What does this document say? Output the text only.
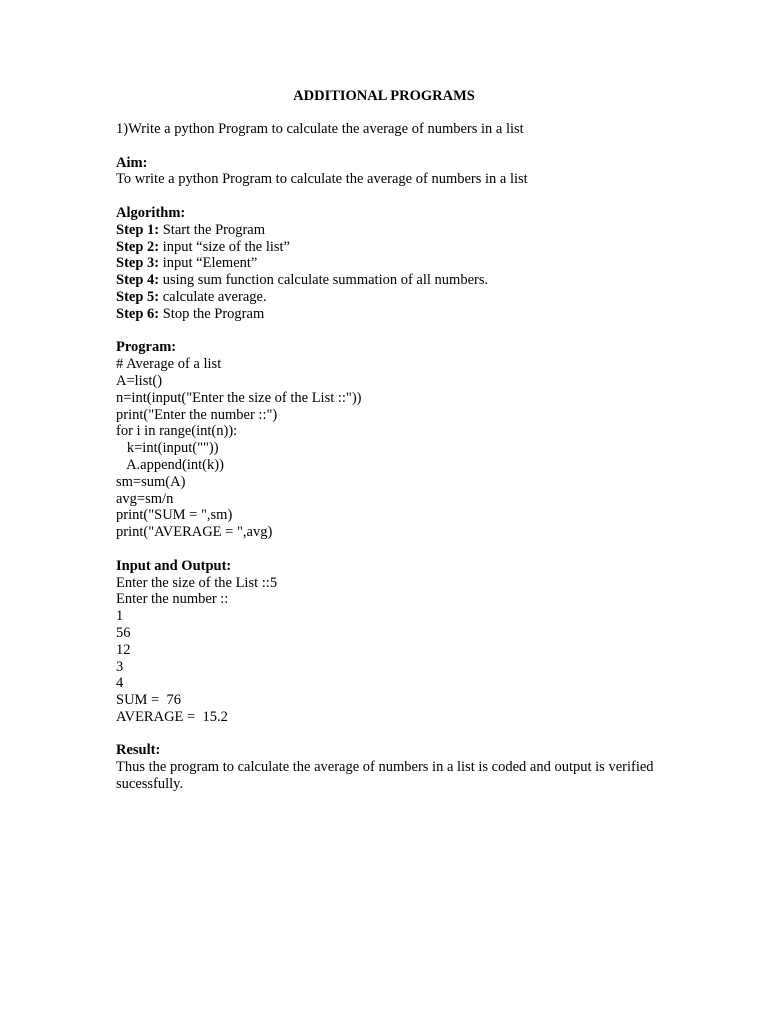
ADDITIONAL PROGRAMS
1)Write a python Program to calculate the average of numbers in a list
Aim:
To write a python Program to calculate the average of numbers in a list
Algorithm:
Step 1: Start the Program
Step 2: input “size of the list”
Step 3: input “Element”
Step 4: using sum function calculate summation of all numbers.
Step 5: calculate average.
Step 6: Stop the Program
Program:
# Average of a list
A=list()
n=int(input("Enter the size of the List ::"))
print("Enter the number ::")
for i in range(int(n)):
k=int(input(""))
A.append(int(k))
sm=sum(A)
avg=sm/n
print("SUM = ",sm)
print("AVERAGE = ",avg)
Input and Output:
Enter the size of the List ::5
Enter the number ::
1
56
12
3
4
SUM =  76
AVERAGE =  15.2
Result:
Thus the program to calculate the average of numbers in a list is coded and output is verified sucessfully.
